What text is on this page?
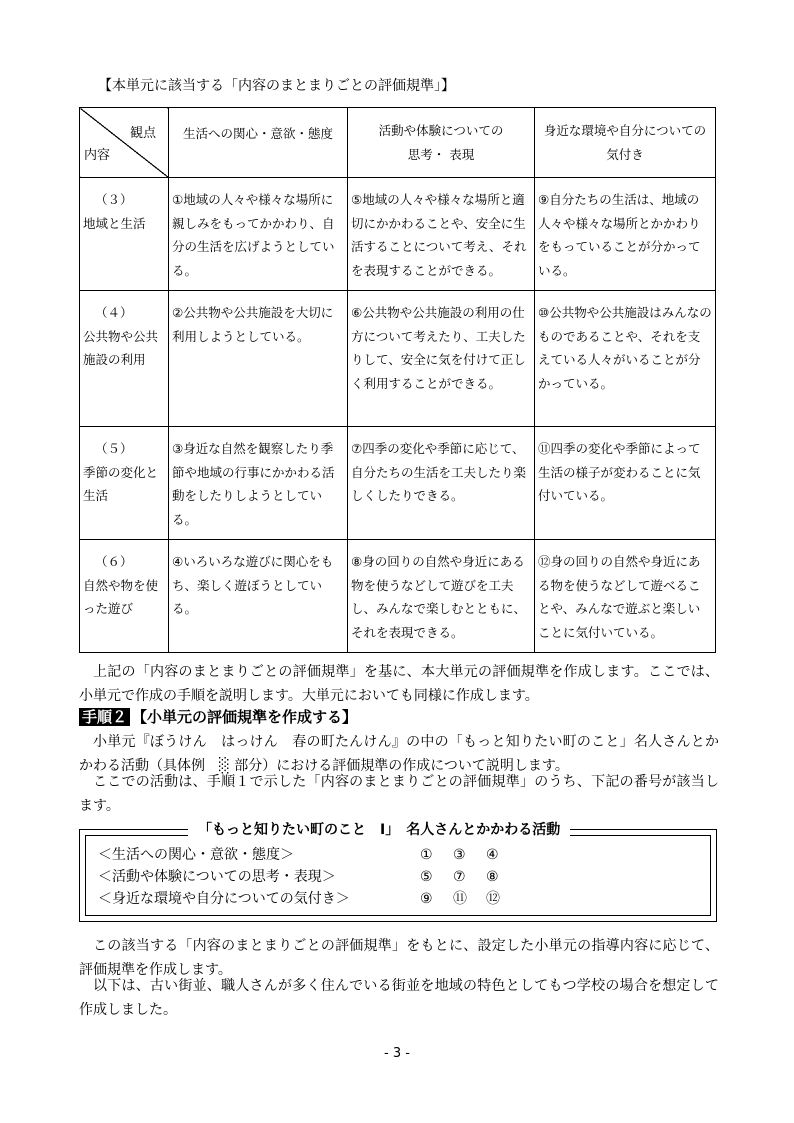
【本単元に該当する「内容のまとまりごとの評価規準」】
観点
内容	生活への関心・意欲・態度	活動や体験についての
思考・ 表現	身近な環境や自分についての
気付き

（３）
地域と生活	①地域の人々や様々な場所に親しみをもってかかわり、自分の生活を広げようとしている。	⑤地域の人々や様々な場所と適切にかかわることや、安全に生活することについて考え、それを表現することができる。	⑨自分たちの生活は、地域の人々や様々な場所とかかわりをもっていることが分かっている。

（４）
公共物や公共施設の利用	②公共物や公共施設を大切に利用しようとしている。	⑥公共物や公共施設の利用の仕方について考えたり、工夫したりして、安全に気を付けて正しく利用することができる。	⑩公共物や公共施設はみんなのものであることや、それを支えている人々がいることが分かっている。

（５）
季節の変化と生活	③身近な自然を観察したり季節や地域の行事にかかわる活動をしたりしようとしている。	⑦四季の変化や季節に応じて、自分たちの生活を工夫したり楽しくしたりできる。	⑪四季の変化や季節によって生活の様子が変わることに気付いている。

（６）
自然や物を使った遊び	④いろいろな遊びに関心をもち、楽しく遊ぼうとしている。	⑧身の回りの自然や身近にある物を使うなどして遊びを工夫し、みんなで楽しむとともに、それを表現できる。	⑫身の回りの自然や身近にある物を使うなどして遊べることや、みんなで遊ぶと楽しいことに気付いている。
上記の「内容のまとまりごとの評価規準」を基に、本大単元の評価規準を作成します。ここでは、小単元で作成の手順を説明します。大単元においても同様に作成します。
手順２ 【小単元の評価規準を作成する】
小単元『ぼうけん　はっけん　春の町たんけん』の中の「もっと知りたい町のこと」名人さんとかかわる活動（具体例　░ 部分）における評価規準の作成について説明します。
ここでの活動は、手順１で示した「内容のまとまりごとの評価規準」のうち、下記の番号が該当します。
「もっと知りたい町のこと　Ⅰ」　名人さんとかかわる活動
＜生活への関心・意欲・態度＞	① ③ ④
＜活動や体験についての思考・表現＞	⑤ ⑦ ⑧
＜身近な環境や自分についての気付き＞	⑨ ⑪ ⑫
この該当する「内容のまとまりごとの評価規準」をもとに、設定した小単元の指導内容に応じて、評価規準を作成します。
以下は、古い街並、職人さんが多く住んでいる街並を地域の特色としてもつ学校の場合を想定して作成しました。
- 3 -
